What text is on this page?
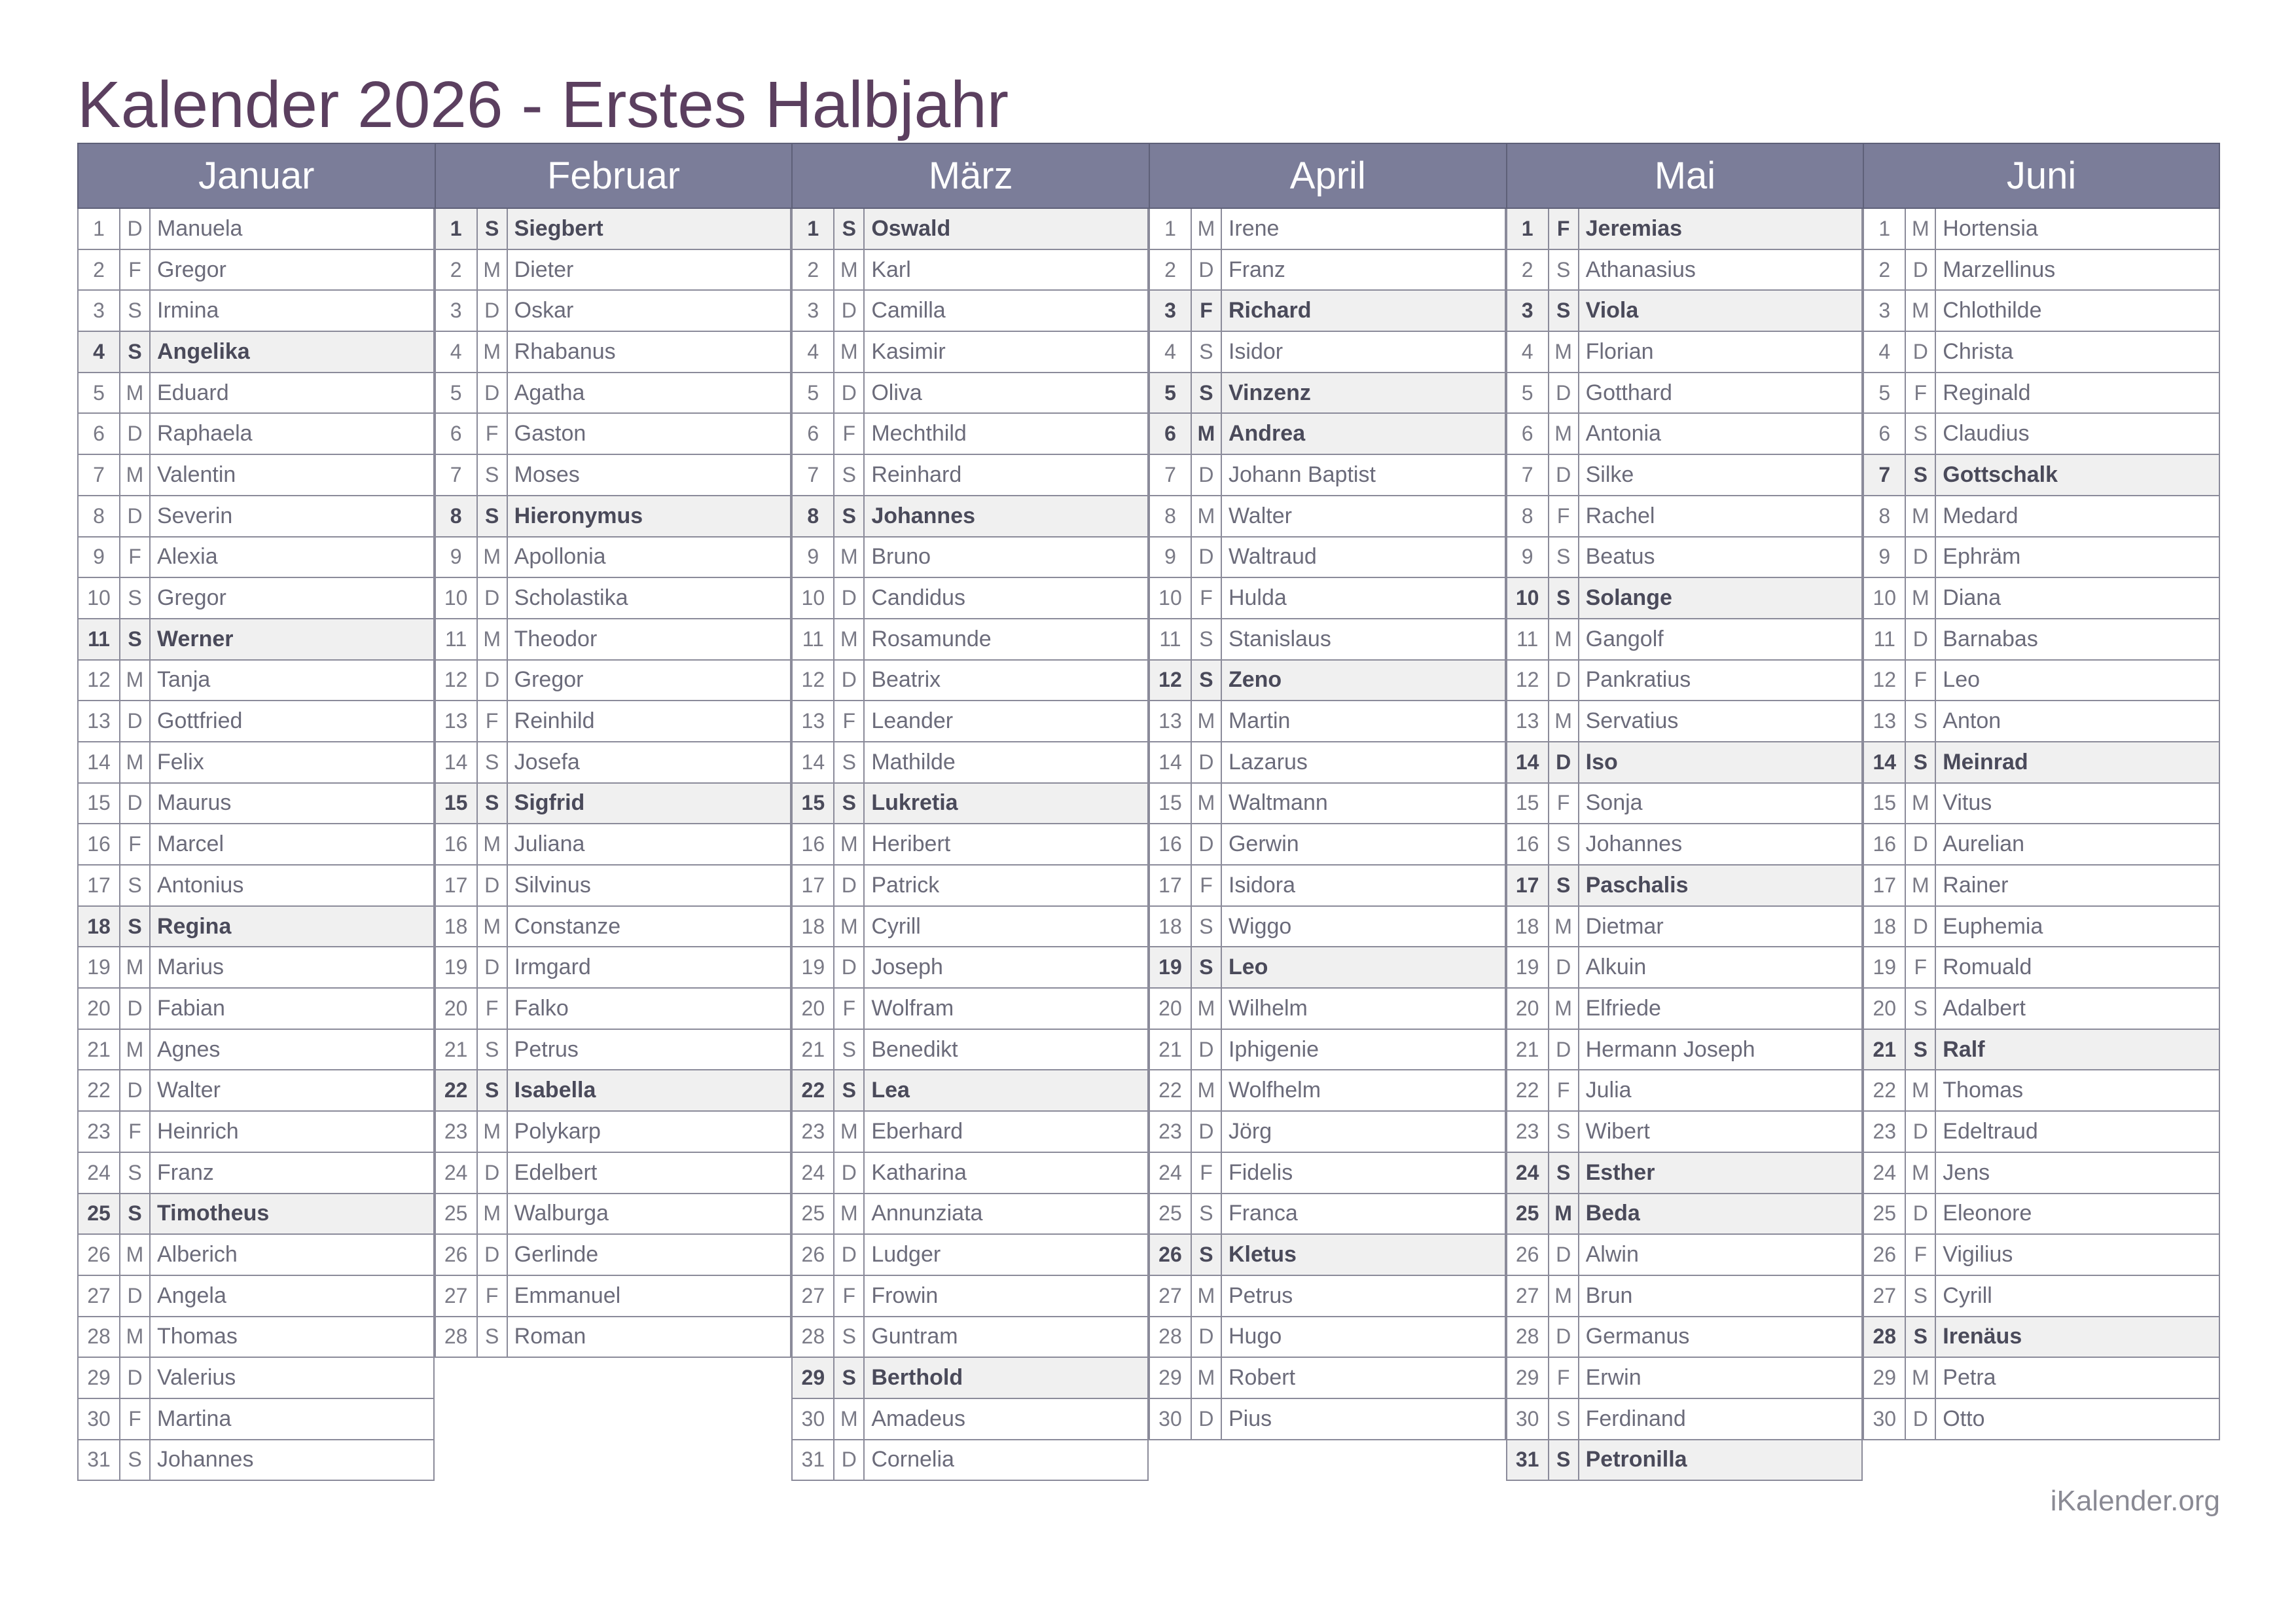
Kalender 2026 - Erstes Halbjahr
Januar
1	D Manuela
2	F Gregor
3	S Irmina
4	S Angelika
5	M Eduard
6	D Raphaela
7	M Valentin
8	D Severin
9	F Alexia
10 S Gregor
11 S Werner
12 M Tanja
13 D Gottfried
14 M Felix
15 D Maurus
16 F Marcel
17 S Antonius
18 S Regina
19 M Marius
20 D Fabian
21 M Agnes
22 D Walter
23 F Heinrich
24 S Franz
25 S Timotheus
26 M Alberich
27 D Angela
28 M Thomas
29 D Valerius
30 F Martina
31 S Johannes
Februar
1	S Siegbert
2	M Dieter
3	D Oskar
4	M Rhabanus
5	D Agatha
6	F Gaston
7	S Moses
8	S Hieronymus
9	M Apollonia
10 D Scholastika
11 M Theodor
12 D Gregor
13 F Reinhild
14 S Josefa
15 S Sigfrid
16 M Juliana
17 D Silvinus
18 M Constanze
19 D Irmgard
20 F Falko
21 S Petrus
22 S Isabella
23 M Polykarp
24 D Edelbert
25 M Walburga
26 D Gerlinde
27 F Emmanuel
28 S Roman
März
1	S Oswald
2	M Karl
3	D Camilla
4	M Kasimir
5	D Oliva
6	F Mechthild
7	S Reinhard
8	S Johannes
9	M Bruno
10 D Candidus
11 M Rosamunde
12 D Beatrix
13 F Leander
14 S Mathilde
15 S Lukretia
16 M Heribert
17 D Patrick
18 M Cyrill
19 D Joseph
20 F Wolfram
21 S Benedikt
22 S Lea
23 M Eberhard
24 D Katharina
25 M Annunziata
26 D Ludger
27 F Frowin
28 S Guntram
29 S Berthold
30 M Amadeus
31 D Cornelia
April
1	M Irene
2	D Franz
3	F Richard
4	S Isidor
5	S Vinzenz
6	M Andrea
7	D Johann Baptist
8	M Walter
9	D Waltraud
10 F Hulda
11 S Stanislaus
12 S Zeno
13 M Martin
14 D Lazarus
15 M Waltmann
16 D Gerwin
17 F Isidora
18 S Wiggo
19 S Leo
20 M Wilhelm
21 D Iphigenie
22 M Wolfhelm
23 D Jörg
24 F Fidelis
25 S Franca
26 S Kletus
27 M Petrus
28 D Hugo
29 M Robert
30 D Pius
Mai
1	F Jeremias
2	S Athanasius
3	S Viola
4	M Florian
5	D Gotthard
6	M Antonia
7	D Silke
8	F Rachel
9	S Beatus
10 S Solange
11 M Gangolf
12 D Pankratius
13 M Servatius
14 D Iso
15 F Sonja
16 S Johannes
17 S Paschalis
18 M Dietmar
19 D Alkuin
20 M Elfriede
21 D Hermann Joseph
22 F Julia
23 S Wibert
24 S Esther
25 M Beda
26 D Alwin
27 M Brun
28 D Germanus
29 F Erwin
30 S Ferdinand
31 S Petronilla
Juni
1	M Hortensia
2	D Marzellinus
3	M Chlothilde
4	D Christa
5	F Reginald
6	S Claudius
7	S Gottschalk
8	M Medard
9	D Ephräm
10 M Diana
11 D Barnabas
12 F Leo
13 S Anton
14 S Meinrad
15 M Vitus
16 D Aurelian
17 M Rainer
18 D Euphemia
19 F Romuald
20 S Adalbert
21 S Ralf
22 M Thomas
23 D Edeltraud
24 M Jens
25 D Eleonore
26 F Vigilius
27 S Cyrill
28 S Irenäus
29 M Petra
30 D Otto
iKalender.org
